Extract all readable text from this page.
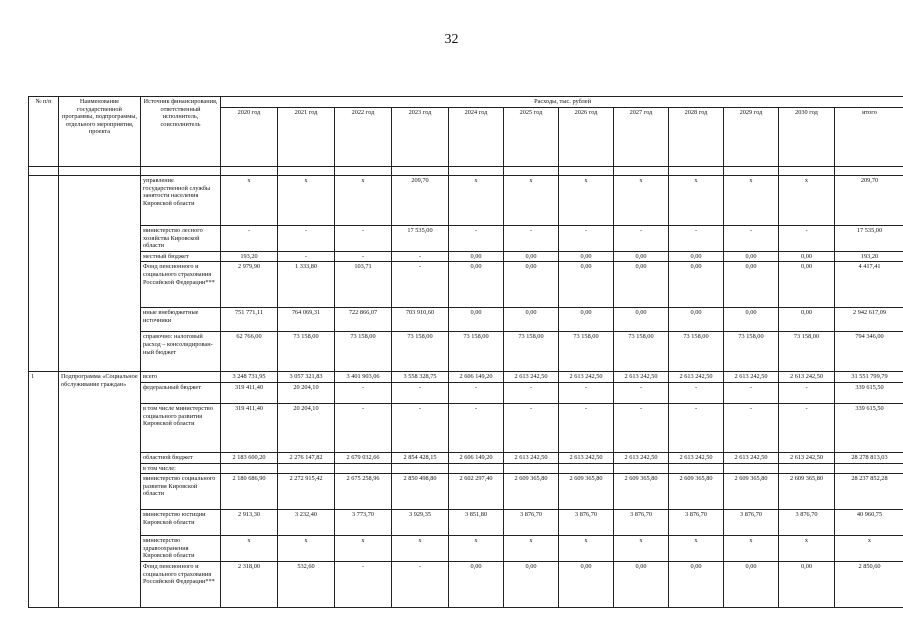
32
№ п/п	Наименование государственной программы, подпрограммы, отдельного мероприятия, проекта	Источник финансирования, ответственный исполнитель, соисполнитель	Расходы, тыс. рублей											
			2020 год	2021 год	2022 год	2023 год	2024 год	2025 год	2026 год	2027 год	2028 год	2029 год	2030 год	итого

		управление государственной службы занятости населения Кировской области	x	x	x	209,70	x	x	x	x	x	x	x	209,70
		министерство лесного хозяйства Кировской области	-	-	-	17 535,00	-	-	-	-	-	-	-	17 535,00
		местный бюджет	193,20	-	-	-	0,00	0,00	0,00	0,00	0,00	0,00	0,00	193,20
		Фонд пенсионного и социального страхования Российской Федерации***	2 979,90	1 333,80	103,71	-	0,00	0,00	0,00	0,00	0,00	0,00	0,00	4 417,41
		иные внебюджетные источники	751 771,11	764 069,31	722 866,07	703 910,60	0,00	0,00	0,00	0,00	0,00	0,00	0,00	2 942 617,09
		справочно: налоговый расход – консолидирован-ный бюджет	62 766,00	73 158,00	73 158,00	73 158,00	73 158,00	73 158,00	73 158,00	73 158,00	73 158,00	73 158,00	73 158,00	794 346,00
1	Подпрограмма «Социальное обслуживание граждан»	всего	3 248 731,95	3 057 321,83	3 401 903,06	3 558 328,75	2 606 149,20	2 613 242,50	2 613 242,50	2 613 242,50	2 613 242,50	2 613 242,50	2 613 242,50	31 551 799,79
		федеральный бюджет	319 411,40	20 204,10	-	-	-	-	-	-	-	-	-	339 615,50
		в том числе министерство социального развития Кировской области	319 411,40	20 204,10	-	-	-	-	-	-	-	-	-	339 615,50
		областной бюджет	2 183 600,20	2 276 147,82	2 679 032,66	2 854 428,15	2 606 149,20	2 613 242,50	2 613 242,50	2 613 242,50	2 613 242,50	2 613 242,50	2 613 242,50	28 278 813,03
		в том числе:												
		министерство социального развития Кировской области	2 180 686,90	2 272 915,42	2 675 258,96	2 850 498,80	2 602 297,40	2 609 365,80	2 609 365,80	2 609 365,80	2 609 365,80	2 609 365,80	2 609 365,80	28 237 852,28
		министерство юстиции Кировской области	2 913,30	3 232,40	3 773,70	3 929,35	3 851,80	3 876,70	3 876,70	3 876,70	3 876,70	3 876,70	3 876,70	40 960,75
		министерство здравоохранения Кировской области	x	x	x	x	x	x	x	x	x	x	x	x
		Фонд пенсионного и социального страхования Российской Федерации***	2 318,00	532,60	-	-	0,00	0,00	0,00	0,00	0,00	0,00	0,00	2 850,60
